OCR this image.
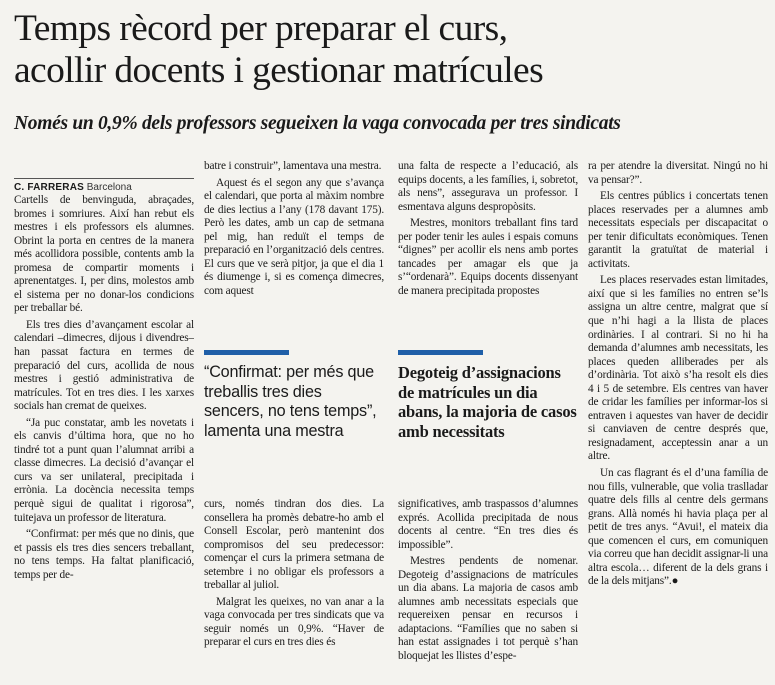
Temps rècord per preparar el curs,
acollir docents i gestionar matrícules
Només un 0,9% dels professors segueixen la vaga convocada per tres sindicats
C. FARRERAS Barcelona

Cartells de benvinguda, abraçades, bromes i somriures. Així han rebut els mestres i els professors els alumnes. Obrint la porta en centres de la manera més acollidora possible, contents amb la promesa de compartir moments i aprenentatges. I, per dins, molestos amb el sistema per no donar-los condicions per treballar bé.

Els tres dies d’avançament escolar al calendari –dimecres, dijous i divendres– han passat factura en termes de preparació del curs, acollida de nous mestres i gestió administrativa de matrícules. Tot en tres dies. I les xarxes socials han cremat de queixes.

“Ja puc constatar, amb les novetats i els canvis d’última hora, que no ho tindré tot a punt quan l’alumnat arribi a classe dimecres. La decisió d’avançar el curs va ser unilateral, precipitada i errònia. La docència necessita temps perquè sigui de qualitat i rigorosa”, tuitejava un professor de literatura.

“Confirmat: per més que no dinis, que et passis els tres dies sencers treballant, no tens temps. Ha faltat planificació, temps per de-

batre i construir”, lamentava una mestra.

Aquest és el segon any que s’avança el calendari, que porta al màxim nombre de dies lectius a l’any (178 davant 175). Però les dates, amb un cap de setmana pel mig, han reduït el temps de preparació en l’organització dels centres. El curs que ve serà pitjor, ja que el dia 1 és diumenge i, si es comença dimecres, com aquest

curs, només tindran dos dies. La consellera ha promès debatre-ho amb el Consell Escolar, però mantenint dos compromisos del seu predecessor: començar el curs la primera setmana de setembre i no obligar els professors a treballar al juliol.

Malgrat les queixes, no van anar a la vaga convocada per tres sindicats que va seguir només un 0,9%. “Haver de preparar el curs en tres dies és

“Confirmat: per més que treballis tres dies sencers, no tens temps”, lamenta una mestra

una falta de respecte a l’educació, als equips docents, a les famílies, i, sobretot, als nens”, assegurava un professor. I esmentava alguns despropòsits.

Mestres, monitors treballant fins tard per poder tenir les aules i espais comuns “dignes” per acollir els nens amb portes tancades per amagar els que ja s’“ordenarà”. Equips docents dissenyant de manera precipitada propostes

significatives, amb traspassos d’alumnes exprés. Acollida precipitada de nous docents al centre. “En tres dies és impossible”.

Mestres pendents de nomenar. Degoteig d’assignacions de matrícules un dia abans. La majoria de casos amb alumnes amb necessitats especials que requereixen pensar en recursos i adaptacions. “Famílies que no saben si han estat assignades i tot perquè s’han bloquejat les llistes d’espe-

Degoteig d’assignacions de matrícules un dia abans, la majoria de casos amb necessitats

ra per atendre la diversitat. Ningú no hi va pensar?”.

Els centres públics i concertats tenen places reservades per a alumnes amb necessitats especials per discapacitat o per tenir dificultats econòmiques. Tenen garantit la gratuïtat de material i activitats.

Les places reservades estan limitades, així que si les famílies no entren se’ls assigna un altre centre, malgrat que sí que n’hi hagi a la llista de places ordinàries. I al contrari. Si no hi ha demanda d’alumnes amb necessitats, les places queden alliberades per als d’ordinària. Tot això s’ha resolt els dies 4 i 5 de setembre. Els centres van haver de cridar les famílies per informar-los si entraven i aquestes van haver de decidir si canviaven de centre després que, resignadament, acceptessin anar a un altre.

Un cas flagrant és el d’una família de nou fills, vulnerable, que volia traslladar quatre dels fills al centre dels germans grans. Allà només hi havia plaça per al petit de tres anys. “Avui!, el mateix dia que comencen el curs, em comuniquen via correu que han decidit assignar-li una altra escola… diferent de la dels grans i de la dels mitjans”.●
